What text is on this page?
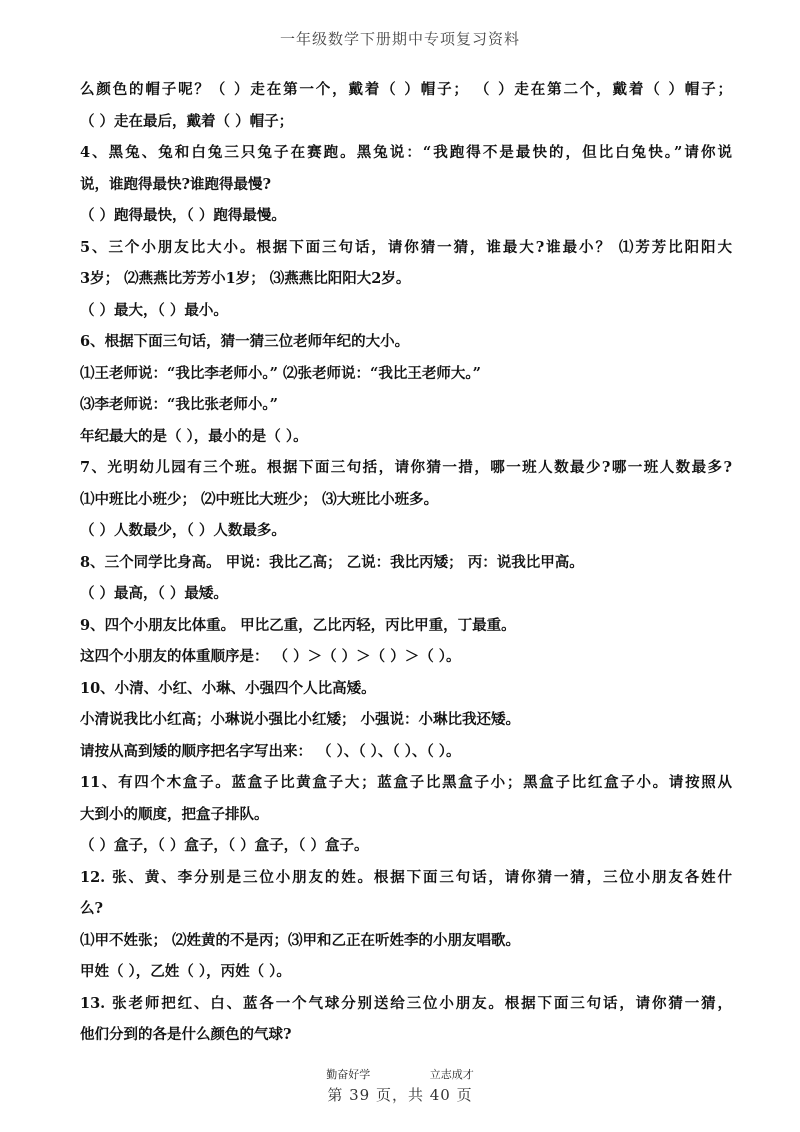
一年级数学下册期中专项复习资料
么颜色的帽子呢？（ ）走在第一个，戴着（ ）帽子； （ ）走在第二个，戴着（ ）帽子；
（ ）走在最后，戴着（ ）帽子；
4、黑兔、兔和白兔三只兔子在赛跑。黑兔说：“我跑得不是最快的，但比白兔快。”请你说
说，谁跑得最快?谁跑得最慢?
（ ）跑得最快，（ ）跑得最慢。
5、三个小朋友比大小。根据下面三句话，请你猜一猜，谁最大?谁最小？ ⑴芳芳比阳阳大
3岁； ⑵燕燕比芳芳小1岁； ⑶燕燕比阳阳大2岁。
（ ）最大，（ ）最小。
6、根据下面三句话，猜一猜三位老师年纪的大小。
⑴王老师说：“我比李老师小。” ⑵张老师说：“我比王老师大。”
⑶李老师说：“我比张老师小。”
年纪最大的是（ ），最小的是（ ）。
7、光明幼儿园有三个班。根据下面三句括，请你猜一措，哪一班人数最少?哪一班人数最多?
⑴中班比小班少； ⑵中班比大班少； ⑶大班比小班多。
（ ）人数最少，（ ）人数最多。
8、三个同学比身高。 甲说：我比乙高； 乙说：我比丙矮； 丙：说我比甲高。
（ ）最高，（ ）最矮。
9、四个小朋友比体重。 甲比乙重，乙比丙轻，丙比甲重，丁最重。
这四个小朋友的体重顺序是： （ ）＞（ ）＞（ ）＞（ ）。
10、小清、小红、小琳、小强四个人比高矮。
小清说我比小红高；小琳说小强比小红矮； 小强说：小琳比我还矮。
请按从高到矮的顺序把名字写出来： （ ）、（ ）、（ ）、（ ）。
11、有四个木盒子。蓝盒子比黄盒子大；蓝盒子比黑盒子小；黑盒子比红盒子小。请按照从
大到小的顺度，把盒子排队。
（ ）盒子，（ ）盒子，（ ）盒子，（ ）盒子。
12. 张、黄、李分别是三位小朋友的姓。根据下面三句话，请你猜一猜，三位小朋友各姓什
么?
⑴甲不姓张； ⑵姓黄的不是丙；⑶甲和乙正在听姓李的小朋友唱歌。
甲姓（ ），乙姓（ ），丙姓（ ）。
13. 张老师把红、白、蓝各一个气球分别送给三位小朋友。根据下面三句话，请你猜一猜，
他们分到的各是什么颜色的气球?
勤奋好学	立志成才
第 39 页，共 40 页
